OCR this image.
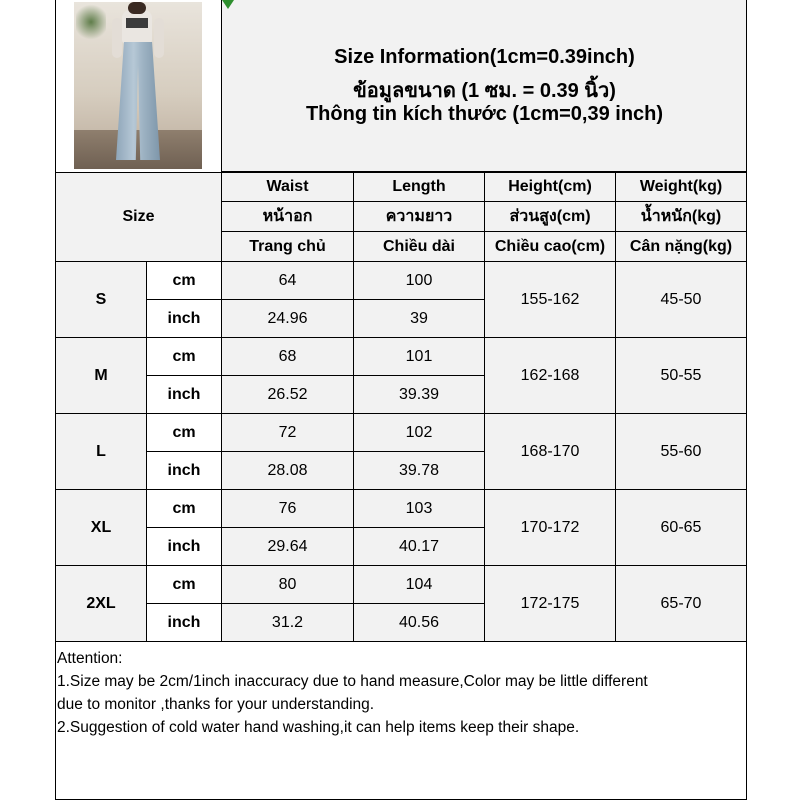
Size Information(1cm=0.39inch)
ข้อมูลขนาด (1 ซม. = 0.39 นิ้ว)
Thông tin kích thước (1cm=0,39 inch)
Size		Waist	Length	Height(cm)	Weight(kg)
		หน้าอก	ความยาว	ส่วนสูง(cm)	น้ำหนัก(kg)
		Trang chủ	Chiều dài	Chiều cao(cm)	Cân nặng(kg)
S	cm	64	100	155-162	45-50
	inch	24.96	39		
M	cm	68	101	162-168	50-55
	inch	26.52	39.39		
L	cm	72	102	168-170	55-60
	inch	28.08	39.78		
XL	cm	76	103	170-172	60-65
	inch	29.64	40.17		
2XL	cm	80	104	172-175	65-70
	inch	31.2	40.56		
Attention:
1.Size may be 2cm/1inch inaccuracy due to hand measure,Color may be little different
due to monitor ,thanks for your understanding.
2.Suggestion of cold water hand washing,it can help items keep their shape.
